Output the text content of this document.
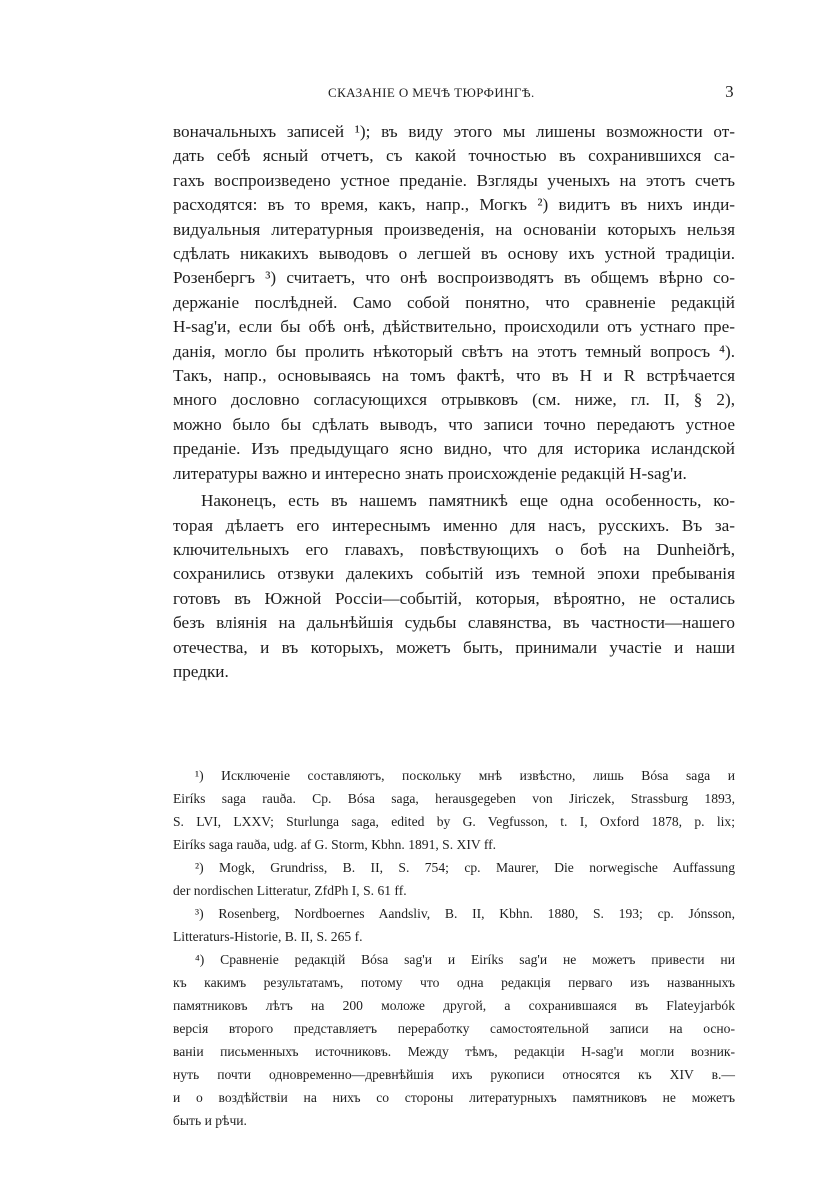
СКАЗАНІЕ О МЕЧѢ ТЮРФИНГѢ.	3

воначальныхъ записей ¹); въ виду этого мы лишены возможности от-
дать себѣ ясный отчетъ, съ какой точностью въ сохранившихся са-
гахъ воспроизведено устное преданіе. Взгляды ученыхъ на этотъ счетъ
расходятся: въ то время, какъ, напр., Могкъ ²) видитъ въ нихъ инди-
видуальныя литературныя произведенія, на основаніи которыхъ нельзя
сдѣлать никакихъ выводовъ о легшей въ основу ихъ устной традиціи.
Розенбергъ ³) считаетъ, что онѣ воспроизводятъ въ общемъ вѣрно со-
держаніе послѣдней. Само собой понятно, что сравненіе редакцій
H-sag'и, если бы обѣ онѣ, дѣйствительно, происходили отъ устнаго пре-
данія, могло бы пролить нѣкоторый свѣтъ на этотъ темный вопросъ ⁴).
Такъ, напр., основываясь на томъ фактѣ, что въ H и R встрѣчается
много дословно согласующихся отрывковъ (см. ниже, гл. II, § 2),
можно было бы сдѣлать выводъ, что записи точно передаютъ устное
преданіе. Изъ предыдущаго ясно видно, что для историка исландской
литературы важно и интересно знать происхожденіе редакцій H-sag'и.

Наконецъ, есть въ нашемъ памятникѣ еще одна особенность, ко-
торая дѣлаетъ его интереснымъ именно для насъ, русскихъ. Въ за-
ключительныхъ его главахъ, повѣствующихъ о боѣ на Dunheiðrѣ,
сохранились отзвуки далекихъ событій изъ темной эпохи пребыванія
готовъ въ Южной Россіи—событій, которыя, вѣроятно, не остались
безъ вліянія на дальнѣйшія судьбы славянства, въ частности—нашего
отечества, и въ которыхъ, можетъ быть, принимали участіе и наши
предки.

¹) Исключеніе составляютъ, поскольку мнѣ извѣстно, лишь Bósa saga и
Eiríks saga rauða. Cp. Bósa saga, herausgegeben von Jiriczek, Strassburg 1893,
S. LVI, LXXV; Sturlunga saga, edited by G. Vegfusson, t. I, Oxford 1878, p. lix;
Eiríks saga rauða, udg. af G. Storm, Kbhn. 1891, S. XIV ff.
²) Mogk, Grundriss, B. II, S. 754; cp. Maurer, Die norwegische Auffassung
der nordischen Litteratur, ZfdPh I, S. 61 ff.
³) Rosenberg, Nordboernes Aandsliv, B. II, Kbhn. 1880, S. 193; cp. Jónsson,
Litteraturs-Historie, B. II, S. 265 f.
⁴) Сравненіе редакцій Bósa sag'и и Eiríks sag'и не можетъ привести ни
къ какимъ результатамъ, потому что одна редакція перваго изъ названныхъ
памятниковъ лѣтъ на 200 моложе другой, а сохранившаяся въ Flateyjarbók
версія второго представляетъ переработку самостоятельной записи на осно-
ваніи письменныхъ источниковъ. Между тѣмъ, редакціи H-sag'и могли возник-
нуть почти одновременно—древнѣйшія ихъ рукописи относятся къ XIV в.—
и о воздѣйствіи на нихъ со стороны литературныхъ памятниковъ не можетъ
быть и рѣчи.
